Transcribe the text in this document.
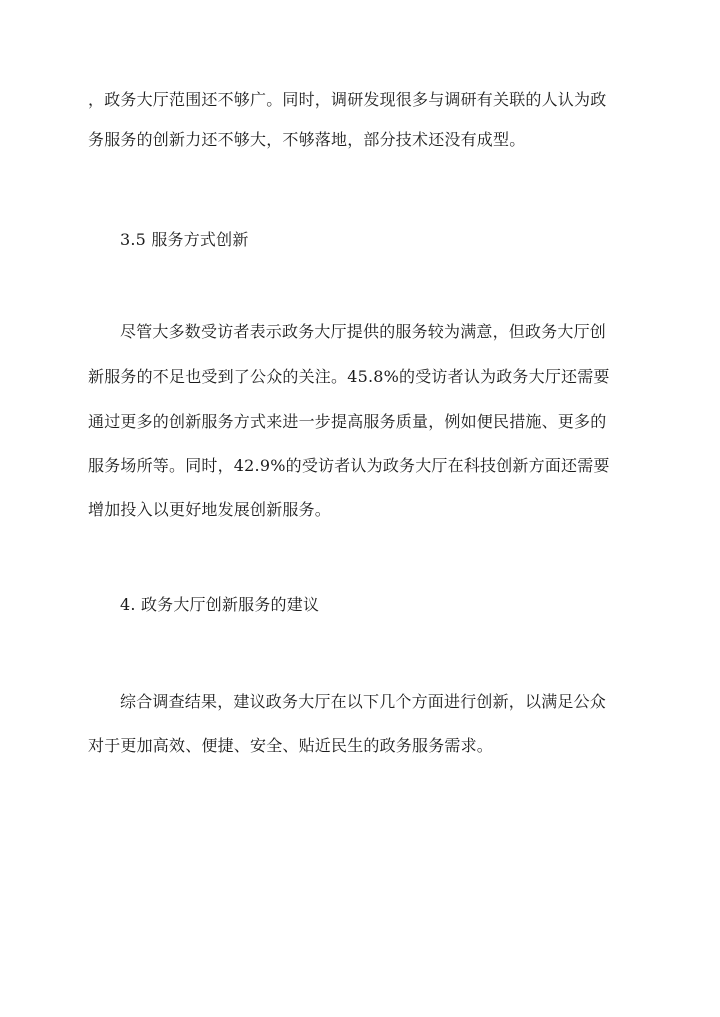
，政务大厅范围还不够广。同时，调研发现很多与调研有关联的人认为政
务服务的创新力还不够大，不够落地，部分技术还没有成型。
3.5 服务方式创新
尽管大多数受访者表示政务大厅提供的服务较为满意，但政务大厅创
新服务的不足也受到了公众的关注。45.8%的受访者认为政务大厅还需要
通过更多的创新服务方式来进一步提高服务质量，例如便民措施、更多的
服务场所等。同时，42.9%的受访者认为政务大厅在科技创新方面还需要
增加投入以更好地发展创新服务。
4. 政务大厅创新服务的建议
综合调查结果，建议政务大厅在以下几个方面进行创新，以满足公众
对于更加高效、便捷、安全、贴近民生的政务服务需求。
